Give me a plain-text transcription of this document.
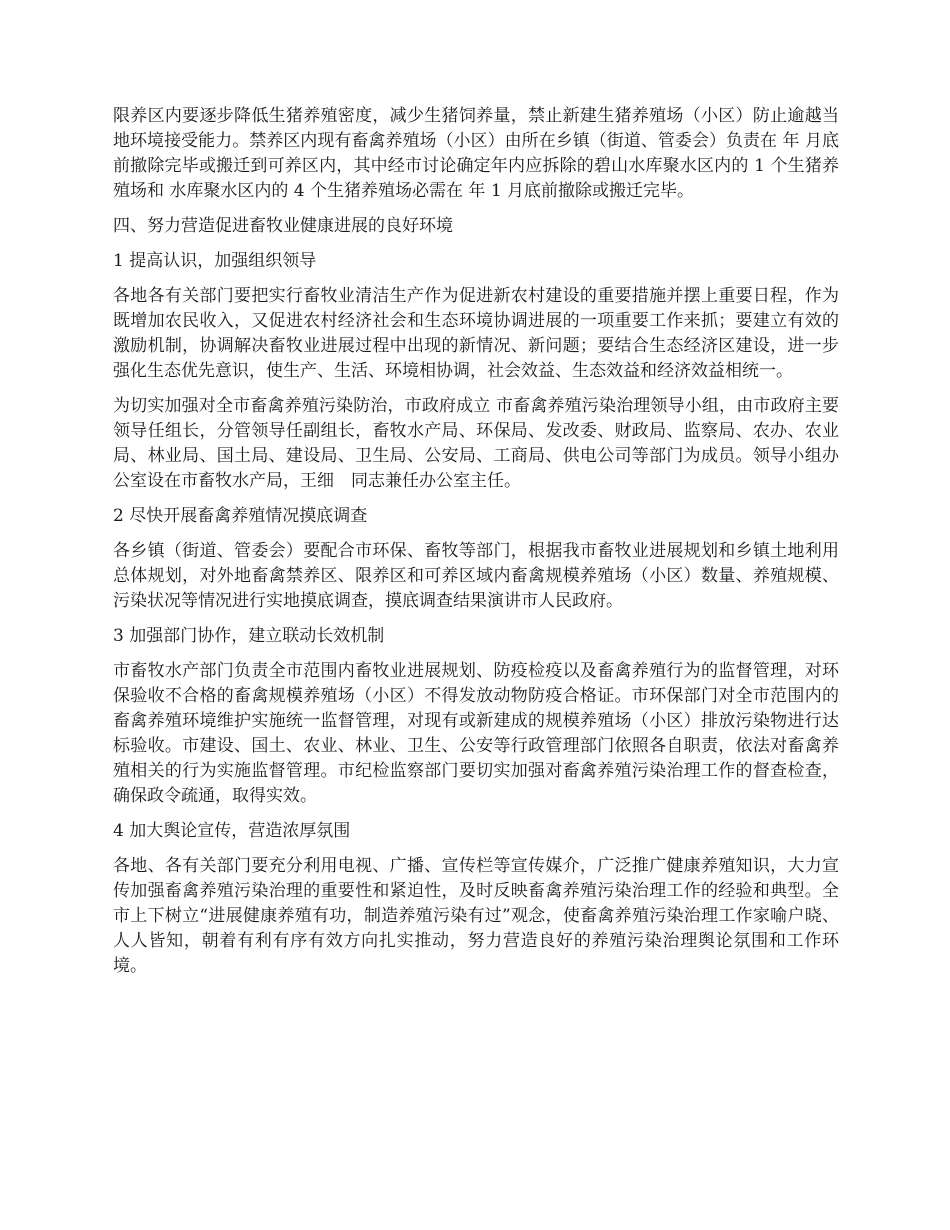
限养区内要逐步降低生猪养殖密度，减少生猪饲养量，禁止新建生猪养殖场（小区）防止逾越当地环境接受能力。禁养区内现有畜禽养殖场（小区）由所在乡镇（街道、管委会）负责在 年 月底前撤除完毕或搬迁到可养区内，其中经市讨论确定年内应拆除的碧山水库聚水区内的 1 个生猪养殖场和 水库聚水区内的 4 个生猪养殖场必需在 年 1 月底前撤除或搬迁完毕。

四、努力营造促进畜牧业健康进展的良好环境

1 提高认识，加强组织领导

各地各有关部门要把实行畜牧业清洁生产作为促进新农村建设的重要措施并摆上重要日程，作为既增加农民收入，又促进农村经济社会和生态环境协调进展的一项重要工作来抓；要建立有效的激励机制，协调解决畜牧业进展过程中出现的新情况、新问题；要结合生态经济区建设，进一步强化生态优先意识，使生产、生活、环境相协调，社会效益、生态效益和经济效益相统一。

为切实加强对全市畜禽养殖污染防治，市政府成立 市畜禽养殖污染治理领导小组，由市政府主要领导任组长，分管领导任副组长，畜牧水产局、环保局、发改委、财政局、监察局、农办、农业局、林业局、国土局、建设局、卫生局、公安局、工商局、供电公司等部门为成员。领导小组办公室设在市畜牧水产局，王细　同志兼任办公室主任。

2 尽快开展畜禽养殖情况摸底调查

各乡镇（街道、管委会）要配合市环保、畜牧等部门，根据我市畜牧业进展规划和乡镇土地利用总体规划，对外地畜禽禁养区、限养区和可养区域内畜禽规模养殖场（小区）数量、养殖规模、污染状况等情况进行实地摸底调查，摸底调查结果演讲市人民政府。

3 加强部门协作，建立联动长效机制

市畜牧水产部门负责全市范围内畜牧业进展规划、防疫检疫以及畜禽养殖行为的监督管理，对环保验收不合格的畜禽规模养殖场（小区）不得发放动物防疫合格证。市环保部门对全市范围内的畜禽养殖环境维护实施统一监督管理，对现有或新建成的规模养殖场（小区）排放污染物进行达标验收。市建设、国土、农业、林业、卫生、公安等行政管理部门依照各自职责，依法对畜禽养殖相关的行为实施监督管理。市纪检监察部门要切实加强对畜禽养殖污染治理工作的督查检查，确保政令疏通，取得实效。

4 加大舆论宣传，营造浓厚氛围

各地、各有关部门要充分利用电视、广播、宣传栏等宣传媒介，广泛推广健康养殖知识，大力宣传加强畜禽养殖污染治理的重要性和紧迫性，及时反映畜禽养殖污染治理工作的经验和典型。全市上下树立“进展健康养殖有功，制造养殖污染有过”观念，使畜禽养殖污染治理工作家喻户晓、人人皆知，朝着有利有序有效方向扎实推动，努力营造良好的养殖污染治理舆论氛围和工作环境。
